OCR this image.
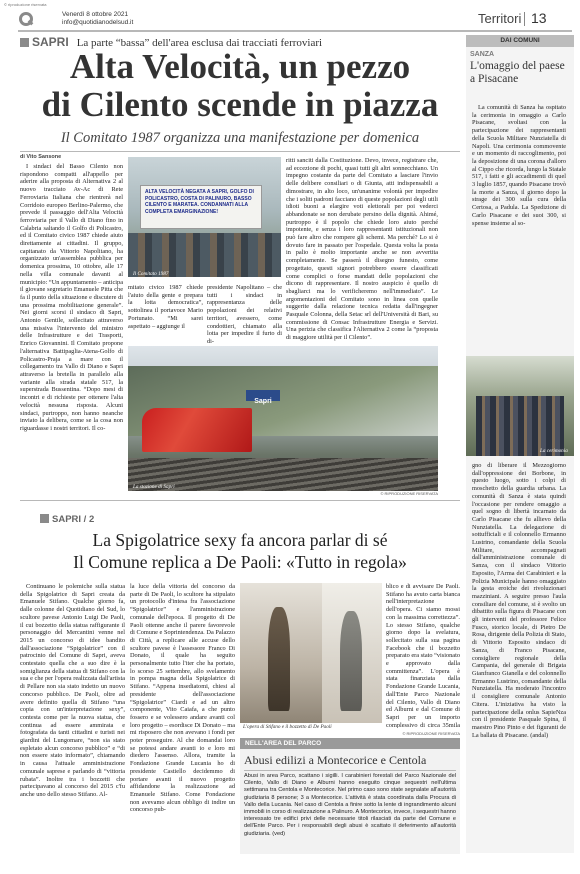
© riproduzione riservata
Venerdì 8 ottobre 2021
info@quotidianodelsud.it	Territori 13
SAPRI La parte “bassa” dell'area esclusa dai tracciati ferroviari
Alta Velocità, un pezzo
di Cilento scende in piazza
Il Comitato 1987 organizza una manifestazione per domenica
di Vito Sansone

I sindaci del Basso Cilento non rispondono compatti all'appello per aderire alla proposta di Alternativa 2 al nuovo tracciato Av-Ac di Rete Ferroviaria Italiana che rientrerà nel Corridoio europeo Berlino-Palermo, che prevede il passaggio dell'Alta Velocità ferroviaria per il Vallo di Diano fino in Calabria saltando il Golfo di Policastro, ed il Comitato civico 1987 chiede aiuto direttamente ai cittadini. Il gruppo, capitanato da Vittorio Napolitano, ha organizzato un'assemblea pubblica per domenica prossima, 10 ottobre, alle 17 nella villa comunale davanti al municipio: “Un appuntamento – anticipa il giovane segretario Emanuele Pitta che fa il punto della situazione e discutere di una prossima mobilitazione generale”. Nei giorni scorsi il sindaco di Sapri, Antonio Gentile, sollecitato attraverso una missiva l'intervento del ministro delle Infrastrutture e dei Trasporti, Enrico Giovannini. Il Comitato propone l'alternativa Battipaglia-Atena-Golfo di Policastro-Praja a mare con il collegamento tra Vallo di Diano e Sapri attraverso la bretella in parallelo alla variante alla strada statale 517, la superstrada Bussentina. “Dopo mesi di incontri e di richieste per ottenere l'alta velocità nessuna risposta. Alcuni sindaci, purtroppo, non hanno neanche inviato la delibera, come se la cosa non riguardasse i nostri territori. Il co-

ALTA VELOCITÀ NEGATA A SAPRI, GOLFO DI POLICASTRO, COSTA DI PALINURO, BASSO CILENTO E MARATEA. CONDANNATI ALLA COMPLETA EMARGINAZIONE!
Il Comitato 1987
Sapri
La stazione di Sapri

mitato civico 1987 chiede l'aiuto della gente e prepara la lotta democratica”, sottolinea il portavoce Mario Portunato. “Mi sarei aspettato – aggiunge il

presidente Napolitano – che tutti i sindaci in rappresentanza delle popolazioni dei relativi territori, avessero, come condottieri, chiamato alla lotta per impedire il furto di di-

ritti sanciti dalla Costituzione. Devo, invece, registrare che, ad eccezione di pochi, quasi tutti gli altri sonnecchiano. Un impegno costante da parte del Comitato a lasciare l'invio delle delibere consiliari o di Giunta, atti indispensabili a dimostrare, in alto loco, un'unanime volontà per impedire che i soliti padroni facciano di queste popolazioni degli utili idioti buoni a elargire voti elettorali per poi vederci abbandonate se non derubate persino della dignità. Ahimé, purtroppo è il popolo che chiede loro aiuto perché impotente, e senza i loro rappresentanti istituzionali non può fare altro che rompere gli schemi. Ma perché? Lo si è dovuto fare in passato per l'ospedale. Questa volta la posta in palio è molto importante anche se non avvertita completamente. Se passerà il disegno funesto, come progettato, questi signori potrebbero essere classificati come complici o forse mandati delle popolazioni che dicono di rappresentare. Il nostro auspicio è quello di sbagliarci ma lo verificheremo nell'immediato”. Le argomentazioni del Comitato sono in linea con quelle suggerite dalla relazione tecnica redatta dall'ingegner Pasquale Colonna, della Setac srl dell'Università di Bari, su commissione di Consac Infrastrutture Energia e Servizi. Una perizia che classifica l'Alternativa 2 come la “proposta di maggiore utilità per il Cilento”.

© RIPRODUZIONE RISERVATA
DAI COMUNI
SANZA
L'omaggio del paese a Pisacane

La comunità di Sanza ha ospitato la cerimonia in omaggio a Carlo Pisacane, svoltasi con la partecipazione dei rappresentanti della Scuola Militare Nunziatella di Napoli. Una cerimonia commovente e un momento di raccoglimento, poi la deposizione di una corona d'alloro al Cippo che ricorda, lungo la Statale 517, i fatti e gli accadimenti di quel 3 luglio 1857, quando Pisacane trovò la morte a Sanza, il giorno dopo la strage dei 300 sulla cura della Certosa, a Padula. La Spedizione di Carlo Pisacane e dei suoi 300, si spense insieme al so-

La cerimonia

gno di liberare il Mezzogiorno dall'oppressione dei Borbone, in questo luogo, sotto i colpi di moschetto della guardia urbana. La comunità di Sanza è stata quindi l'occasione per rendere omaggio a quel sogno di libertà incarnato da Carlo Pisacane che fu allievo della Nunziatella. La delegazione di sottufficiali e il colonnello Ermanno Lustrino, comandante della Scuola Militare, accompagnati dall'amministrazione comunale di Sanza, con il sindaco Vittorio Esposito, l'Arma dei Carabinieri e la Polizia Municipale hanno omaggiato la gesta eroiche dei rivoluzionari mazziniani. A seguire presso l'aula consiliare del comune, si è svolto un dibattito sulla figura di Pisacane con gli interventi del professore Felice Fusco, storico locale, di Pietro De Rosa, dirigente della Polizia di Stato, di Vittorio Esposito sindaco di Sanza, di Franco Pisacane, consigliere regionale della Campania, del generale di Brigata Gianfranco Gianella e del colonnello Ermanno Lustrino, comandante della Nunziatella. Ha moderato l'incontro il consigliere comunale Antonio Citera. L'iniziativa ha visto la partecipazione della onlus SapieNza con il presidente Pasquale Spina, il maestro Pino Pinto e dei figuranti de La ballata di Pisacane. (andal)

SAPRI / 2
La Spigolatrice sexy fa ancora parlar di sé
Il Comune replica a De Paoli: «Tutto in regola»

Continuano le polemiche sulla statua della Spigolatrice di Sapri creata da Emanuele Stifano. Qualche giorno fa, dalle colonne del Quotidiano del Sud, lo scultore pavese Antonio Luigi De Paoli, il cui bozzetto della statua raffigurante il personaggio del Mercantini venne nel 2015 un concorso di idee bandito dall'associazione “Spigolatrice” con il patrocinio del Comune di Sapri, aveva contestato quella che a suo dire è la somiglianza della statua di Stifano con la sua e che per l'opera realizzata dall'artista di Pellare non sia stato indetto un nuovo concorso pubblico. De Paoli, oltre ad avere definito quella di Stifano “una copia con un'interpretazione sexy”, contesta come per la nuova statua, che continua ad essere ammirata e fotografata da tanti cittadini e turisti nei giardini del Lungomare, “non sia stato espletato alcun concorso pubblico” e “di non essere stato informato”, chiamando in causa l'attuale amministrazione comunale saprese e parlando di “vittoria rubata”. Inoltre tra i bozzetti che partecipavano al concorso del 2015 c'fu anche uno dello stesso Stifano. Al-

la luce della vittoria del concorso da parte di De Paoli, lo scultore ha stipulato un protocollo d'intesa fra l'associazione “Spigolatrice” e l'amministrazione comunale dell'epoca. Il progetto di De Paoli ottenne anche il parere favorevole di Comune e Soprintendenza. Da Palazzo di Città, a replicare alle accuse dello scultore pavese è l'assessore Franco Di Donato, il quale ha seguito personalmente tutto l'iter che ha portato, lo scorso 25 settembre, allo svelamento in pompa magna della Spigolatrice di Stifano. “Appena insediatomi, chiesi al presidente dell'associazione “Spigolatrice” Ciardi e ad un altro componente, Vito Caiafa, a che punto fossero e se volessero andare avanti col loro progetto – esordisce Di Donato – ma mi risposero che non avevano i fondi per poter proseguire. Al che domandai loro se potessi andare avanti io e loro mi diedero l'assenso. Allora, tramite la Fondazione Grande Lucania ho di presidente Castiello decidemmo di portare avanti il nuovo progetto affidandone la realizzazione ad Emanuele Stifano. Come Fondazione non avevamo alcun obbligo di indire un concorso pub-

L'opera di Stifano e il bozzetto di De Paoli

blico e di avvisare De Paoli. Stifano ha avuto carta bianca nell'interpretazione dell'opera. Ci siamo mossi con la massima correttezza”. Lo stesso Stifano, qualche giorno dopo la svelatura, sollecitato sulla sua pagina Facebook che il bozzetto preparato era stato “visionato e approvato dalla committenza”. L'opera è stata finanziata dalla Fondazione Grande Lucania, dall'Ente Parco Nazionale del Cilento, Vallo di Diano ed Alburni e dal Comune di Sapri per un importo complessivo di circa 35mila

© RIPRODUZIONE RISERVATA
NELL'AREA DEL PARCO
Abusi edilizi a Montecorice e Centola
Abusi in area Parco, scattano i sigilli. I carabinieri forestali del Parco Nazionale del Cilento, Vallo di Diano e Alburni hanno eseguito cinque sequestri nell'ultima settimana tra Centola e Montecorice. Nel primo caso sono state segnalate all'autorità giudiziaria 8 persone; 3 a Montecorice. L'attività è stata coordinata dalla Procura di Vallo della Lucania. Nel caso di Centola a finire sotto la lente di ingrandimento alcuni immobili in corso di realizzazione a Palinuro. A Montecorice, invece, i sequestri hanno interessato tre edifici privi delle necessarie titoli rilasciati da parte del Comune e dell'Ente Parco. Per i responsabili degli abusi è scattato il deferimento all'autorità giudiziaria. (ved)
